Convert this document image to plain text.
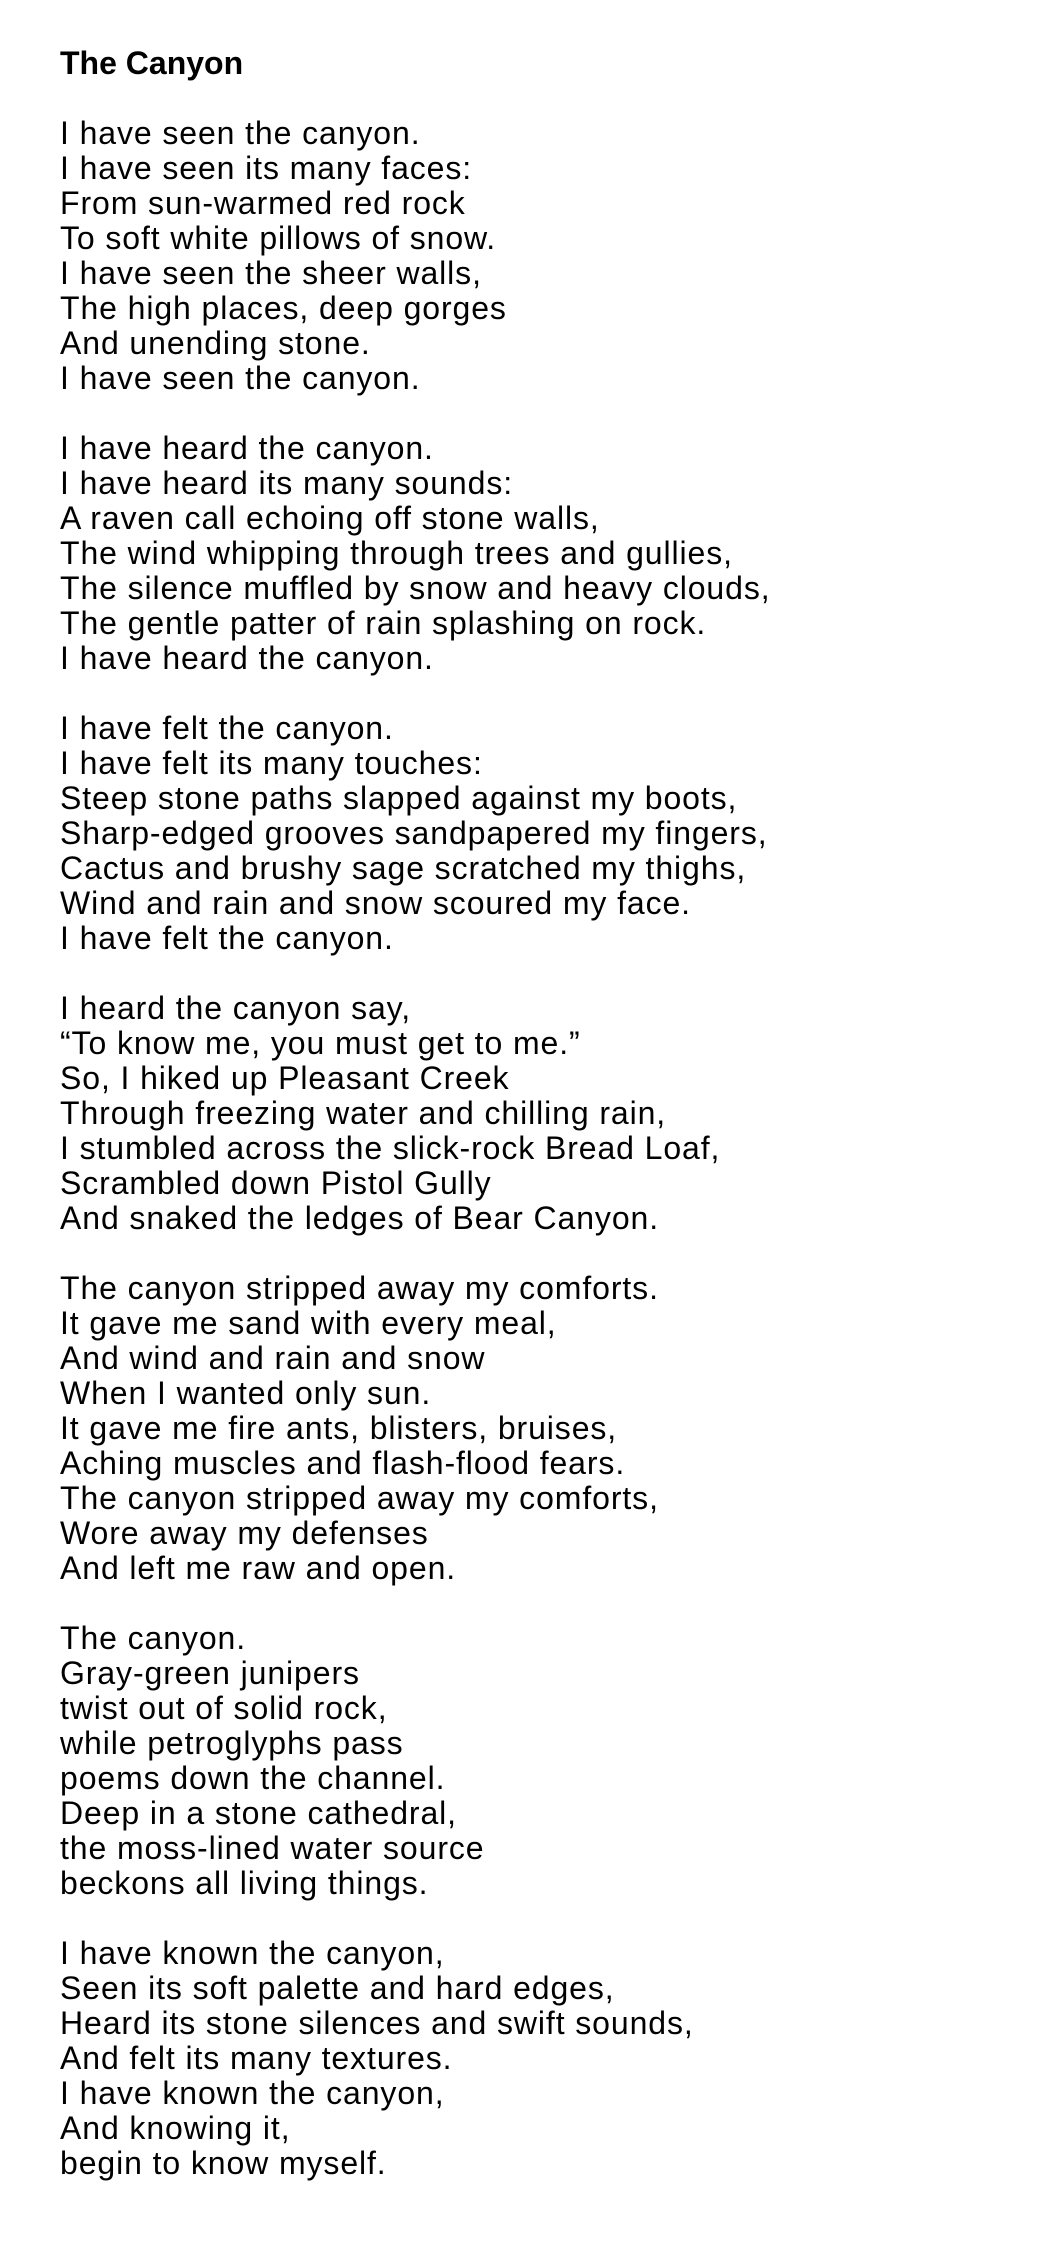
The Canyon
I have seen the canyon.
I have seen its many faces:
From sun-warmed red rock
To soft white pillows of snow.
I have seen the sheer walls,
The high places, deep gorges
And unending stone.
I have seen the canyon.
I have heard the canyon.
I have heard its many sounds:
A raven call echoing off stone walls,
The wind whipping through trees and gullies,
The silence muffled by snow and heavy clouds,
The gentle patter of rain splashing on rock.
I have heard the canyon.
I have felt the canyon.
I have felt its many touches:
Steep stone paths slapped against my boots,
Sharp-edged grooves sandpapered my fingers,
Cactus and brushy sage scratched my thighs,
Wind and rain and snow scoured my face.
I have felt the canyon.
I heard the canyon say,
“To know me, you must get to me.”
So, I hiked up Pleasant Creek
Through freezing water and chilling rain,
I stumbled across the slick-rock Bread Loaf,
Scrambled down Pistol Gully
And snaked the ledges of Bear Canyon.
The canyon stripped away my comforts.
It gave me sand with every meal,
And wind and rain and snow
When I wanted only sun.
It gave me fire ants, blisters, bruises,
Aching muscles and flash-flood fears.
The canyon stripped away my comforts,
Wore away my defenses
And left me raw and open.
The canyon.
Gray-green junipers
twist out of solid rock,
while petroglyphs pass
poems down the channel.
Deep in a stone cathedral,
the moss-lined water source
beckons all living things.
I have known the canyon,
Seen its soft palette and hard edges,
Heard its stone silences and swift sounds,
And felt its many textures.
I have known the canyon,
And knowing it,
begin to know myself.
